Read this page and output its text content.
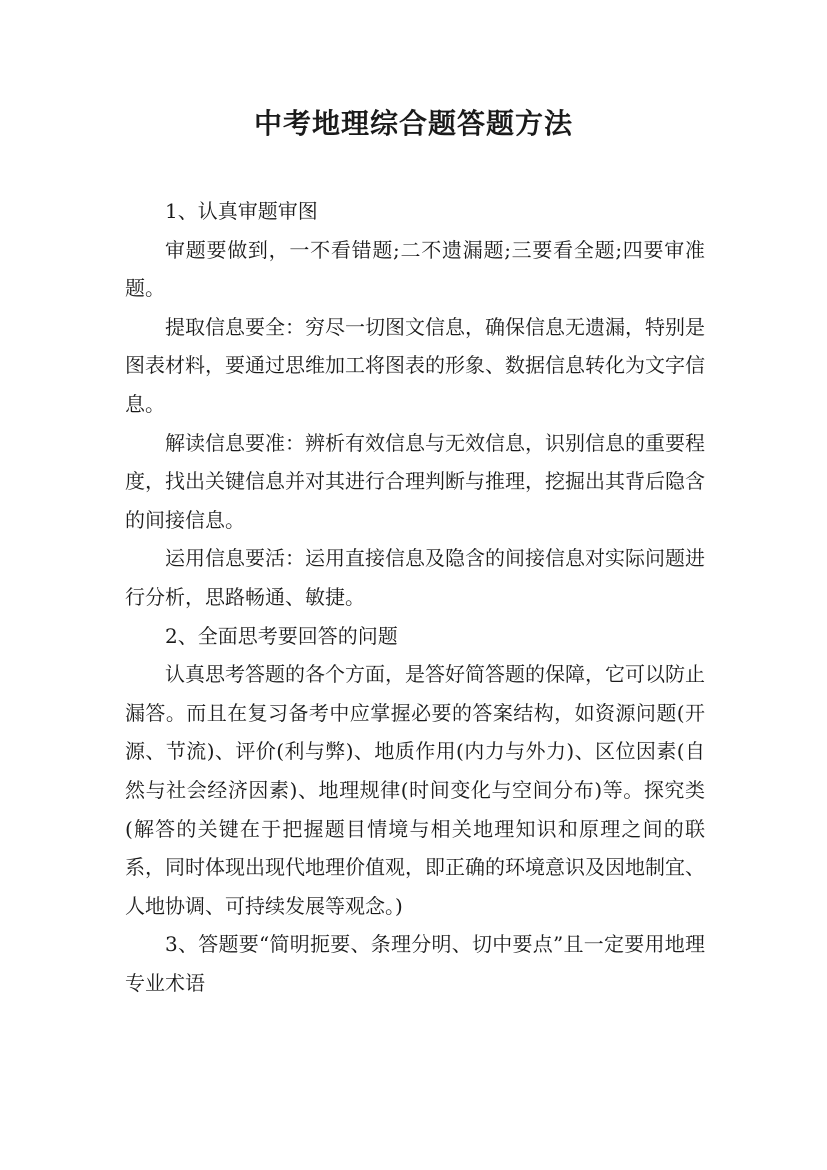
中考地理综合题答题方法

1、认真审题审图

审题要做到，一不看错题;二不遗漏题;三要看全题;四要审准题。

提取信息要全：穷尽一切图文信息，确保信息无遗漏，特别是图表材料，要通过思维加工将图表的形象、数据信息转化为文字信息。

解读信息要准：辨析有效信息与无效信息，识别信息的重要程度，找出关键信息并对其进行合理判断与推理，挖掘出其背后隐含的间接信息。

运用信息要活：运用直接信息及隐含的间接信息对实际问题进行分析，思路畅通、敏捷。

2、全面思考要回答的问题

认真思考答题的各个方面，是答好简答题的保障，它可以防止漏答。而且在复习备考中应掌握必要的答案结构，如资源问题(开源、节流)、评价(利与弊)、地质作用(内力与外力)、区位因素(自然与社会经济因素)、地理规律(时间变化与空间分布)等。探究类(解答的关键在于把握题目情境与相关地理知识和原理之间的联系，同时体现出现代地理价值观，即正确的环境意识及因地制宜、人地协调、可持续发展等观念。)

3、答题要“简明扼要、条理分明、切中要点”且一定要用地理专业术语
